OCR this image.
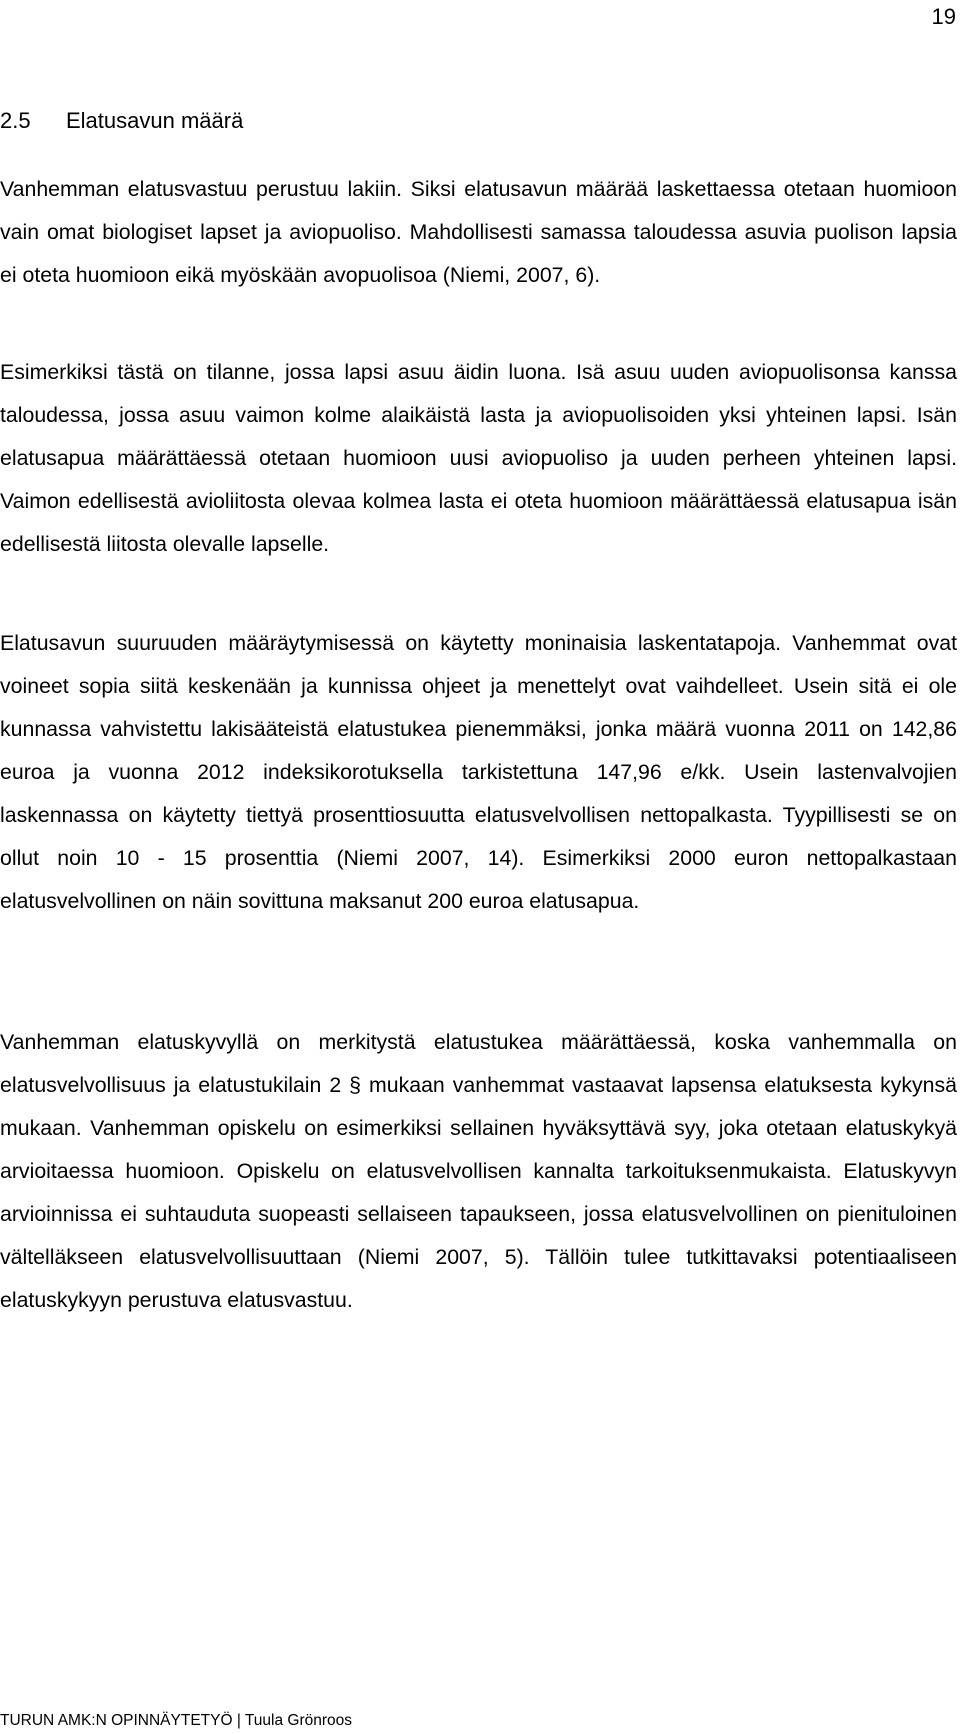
19
2.5 Elatusavun määrä

Vanhemman elatusvastuu perustuu lakiin. Siksi elatusavun määrää laskettaessa otetaan huomioon vain omat biologiset lapset ja aviopuoliso. Mahdollisesti samassa taloudessa asuvia puolison lapsia ei oteta huomioon eikä myöskään avopuolisoa (Niemi, 2007, 6).

Esimerkiksi tästä on tilanne, jossa lapsi asuu äidin luona. Isä asuu uuden aviopuolisonsa kanssa taloudessa, jossa asuu vaimon kolme alaikäistä lasta ja aviopuolisoiden yksi yhteinen lapsi. Isän elatusapua määrättäessä otetaan huomioon uusi aviopuoliso ja uuden perheen yhteinen lapsi. Vaimon edellisestä avioliitosta olevaa kolmea lasta ei oteta huomioon määrättäessä elatusapua isän edellisestä liitosta olevalle lapselle.

Elatusavun suuruuden määräytymisessä on käytetty moninaisia laskentatapoja. Vanhemmat ovat voineet sopia siitä keskenään ja kunnissa ohjeet ja menettelyt ovat vaihdelleet. Usein sitä ei ole kunnassa vahvistettu lakisääteistä elatustukea pienemmäksi, jonka määrä vuonna 2011 on 142,86 euroa ja vuonna 2012 indeksikorotuksella tarkistettuna 147,96 e/kk. Usein lastenvalvojien laskennassa on käytetty tiettyä prosenttiosuutta elatusvelvollisen nettopalkasta. Tyypillisesti se on ollut noin 10 - 15 prosenttia (Niemi 2007, 14). Esimerkiksi 2000 euron nettopalkastaan elatusvelvollinen on näin sovittuna maksanut 200 euroa elatusapua.

Vanhemman elatuskyvyllä on merkitystä elatustukea määrättäessä, koska vanhemmalla on elatusvelvollisuus ja elatustukilain 2 § mukaan vanhemmat vastaavat lapsensa elatuksesta kykynsä mukaan. Vanhemman opiskelu on esimerkiksi sellainen hyväksyttävä syy, joka otetaan elatuskykyä arvioitaessa huomioon. Opiskelu on elatusvelvollisen kannalta tarkoituksenmukaista. Elatuskyvyn arvioinnissa ei suhtauduta suopeasti sellaiseen tapaukseen, jossa elatusvelvollinen on pienituloinen vältelläkseen elatusvelvollisuuttaan (Niemi 2007, 5). Tällöin tulee tutkittavaksi potentiaaliseen elatuskykyyn perustuva elatusvastuu.

TURUN AMK:N OPINNÄYTETYÖ | Tuula Grönroos
